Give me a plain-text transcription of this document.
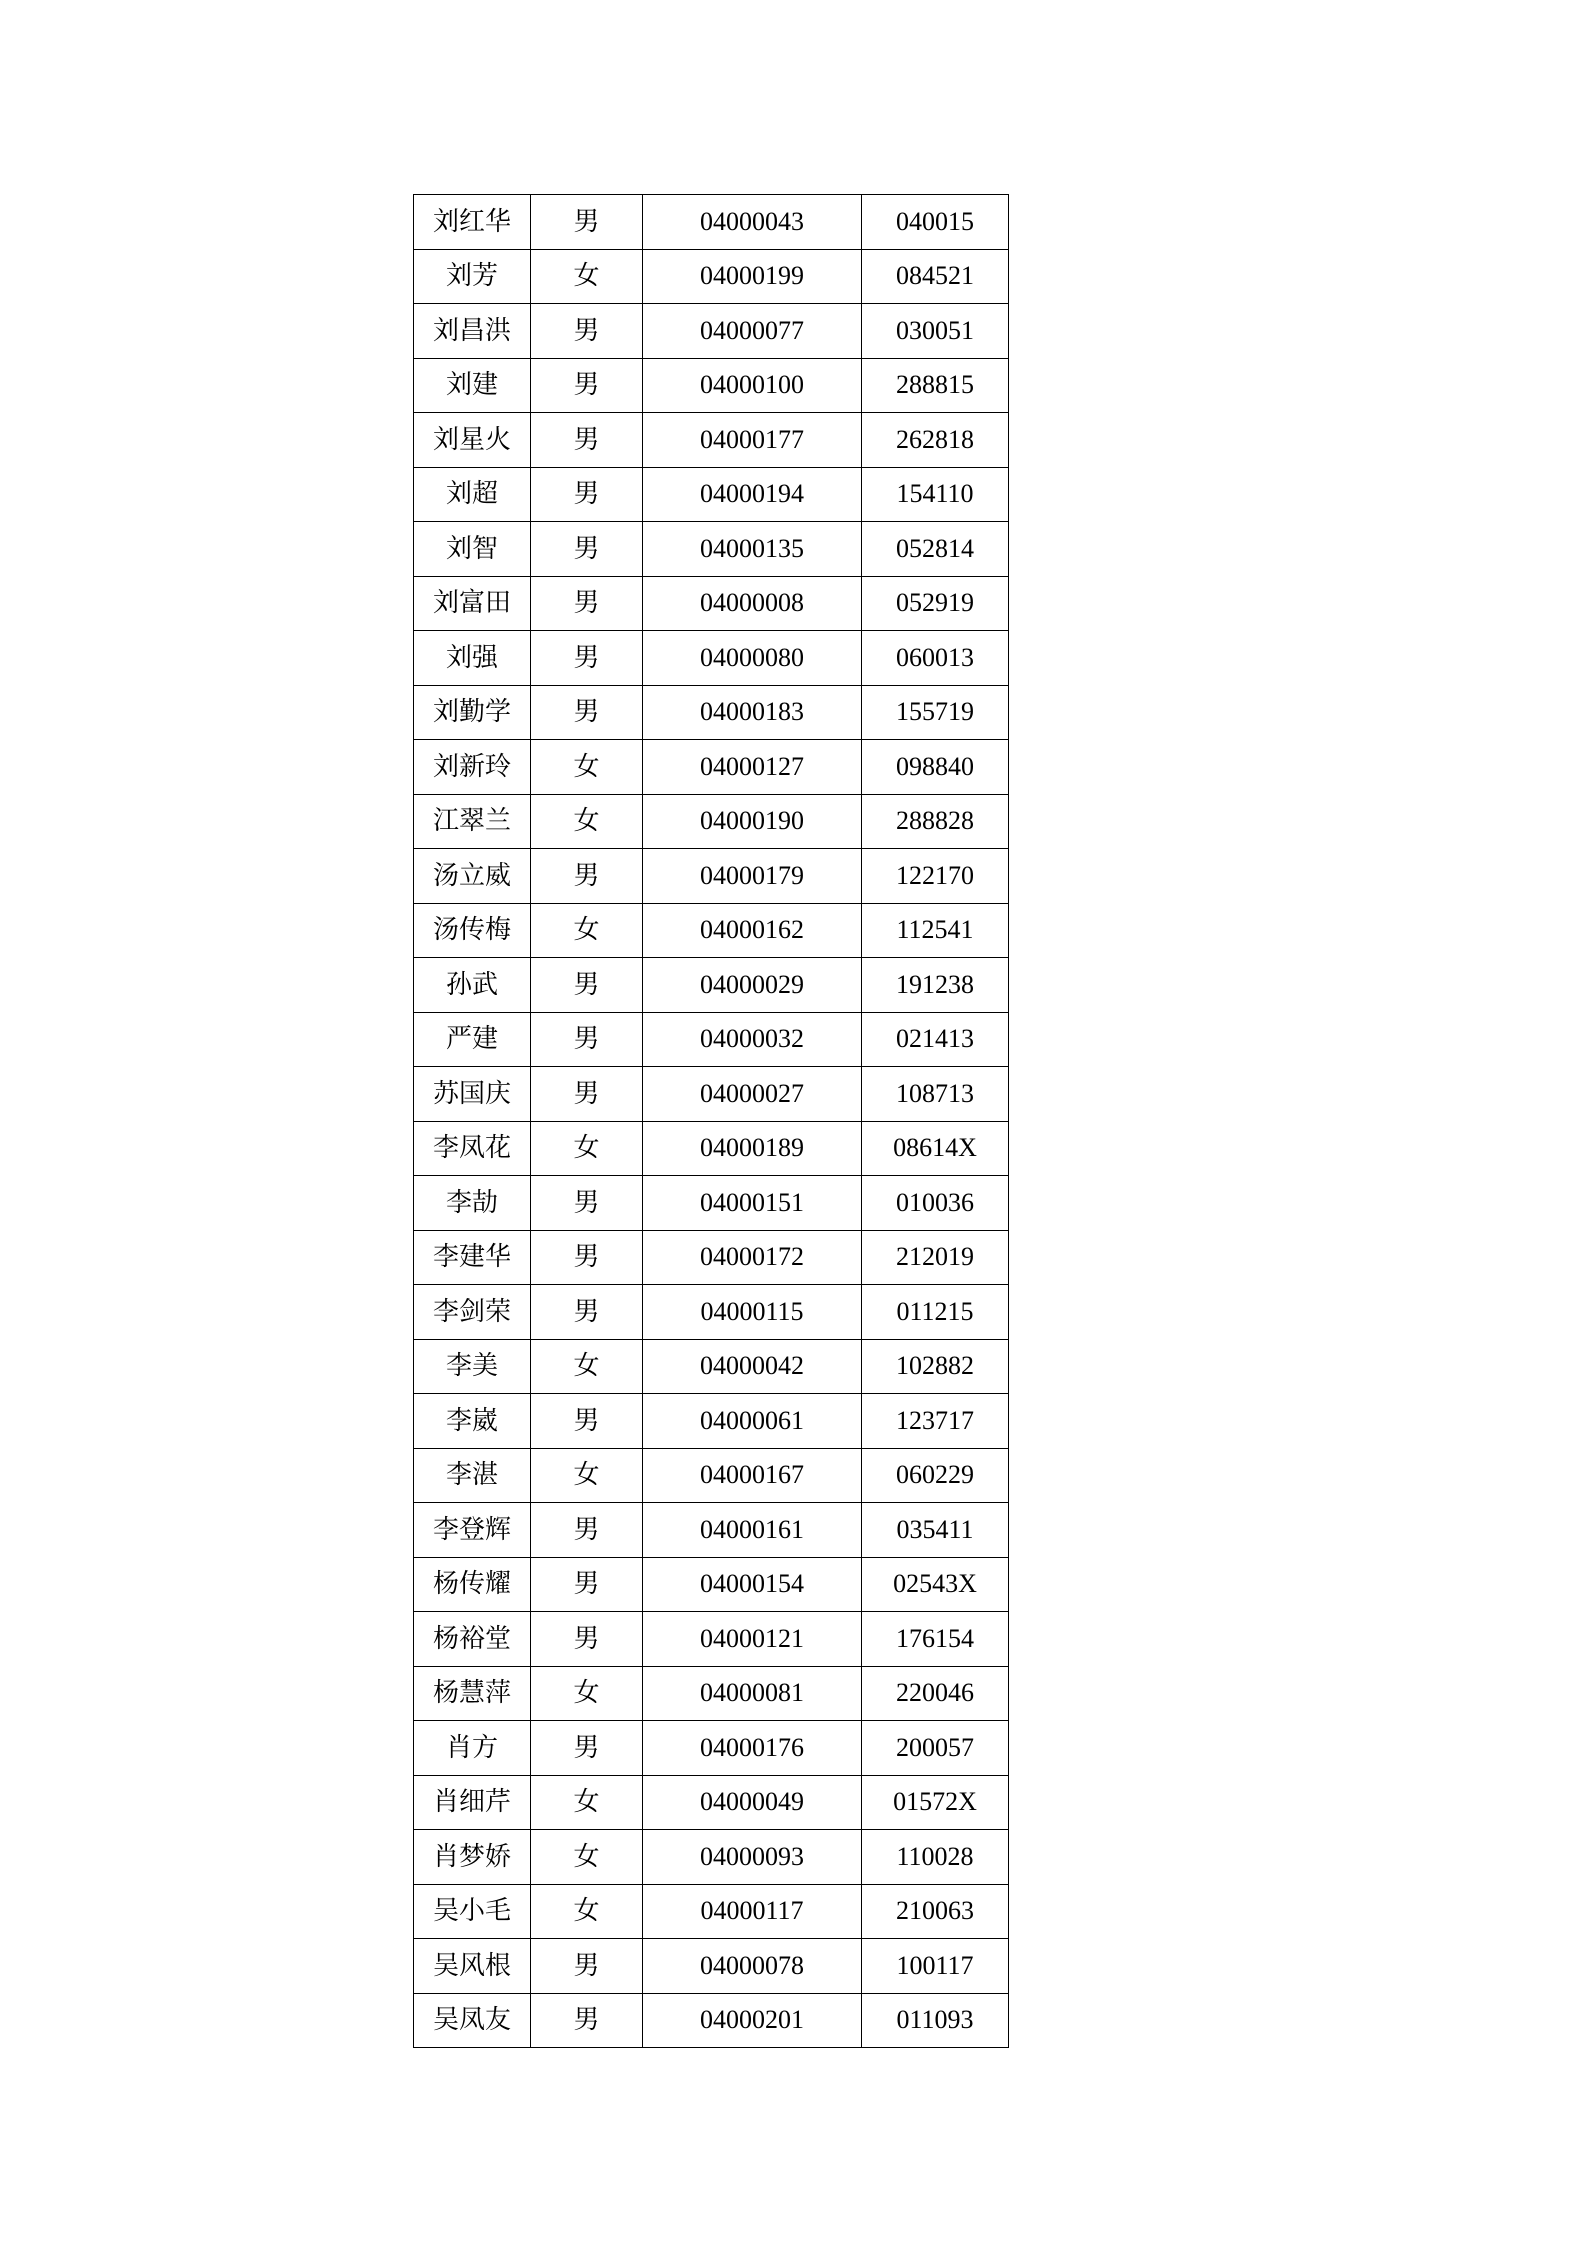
刘红华	男	04000043	040015
刘芳	女	04000199	084521
刘昌洪	男	04000077	030051
刘建	男	04000100	288815
刘星火	男	04000177	262818
刘超	男	04000194	154110
刘智	男	04000135	052814
刘富田	男	04000008	052919
刘强	男	04000080	060013
刘勤学	男	04000183	155719
刘新玲	女	04000127	098840
江翠兰	女	04000190	288828
汤立威	男	04000179	122170
汤传梅	女	04000162	112541
孙武	男	04000029	191238
严建	男	04000032	021413
苏国庆	男	04000027	108713
李凤花	女	04000189	08614X
李劼	男	04000151	010036
李建华	男	04000172	212019
李剑荣	男	04000115	011215
李美	女	04000042	102882
李崴	男	04000061	123717
李湛	女	04000167	060229
李登辉	男	04000161	035411
杨传耀	男	04000154	02543X
杨裕堂	男	04000121	176154
杨慧萍	女	04000081	220046
肖方	男	04000176	200057
肖细芹	女	04000049	01572X
肖梦娇	女	04000093	110028
吴小毛	女	04000117	210063
吴风根	男	04000078	100117
吴凤友	男	04000201	011093
